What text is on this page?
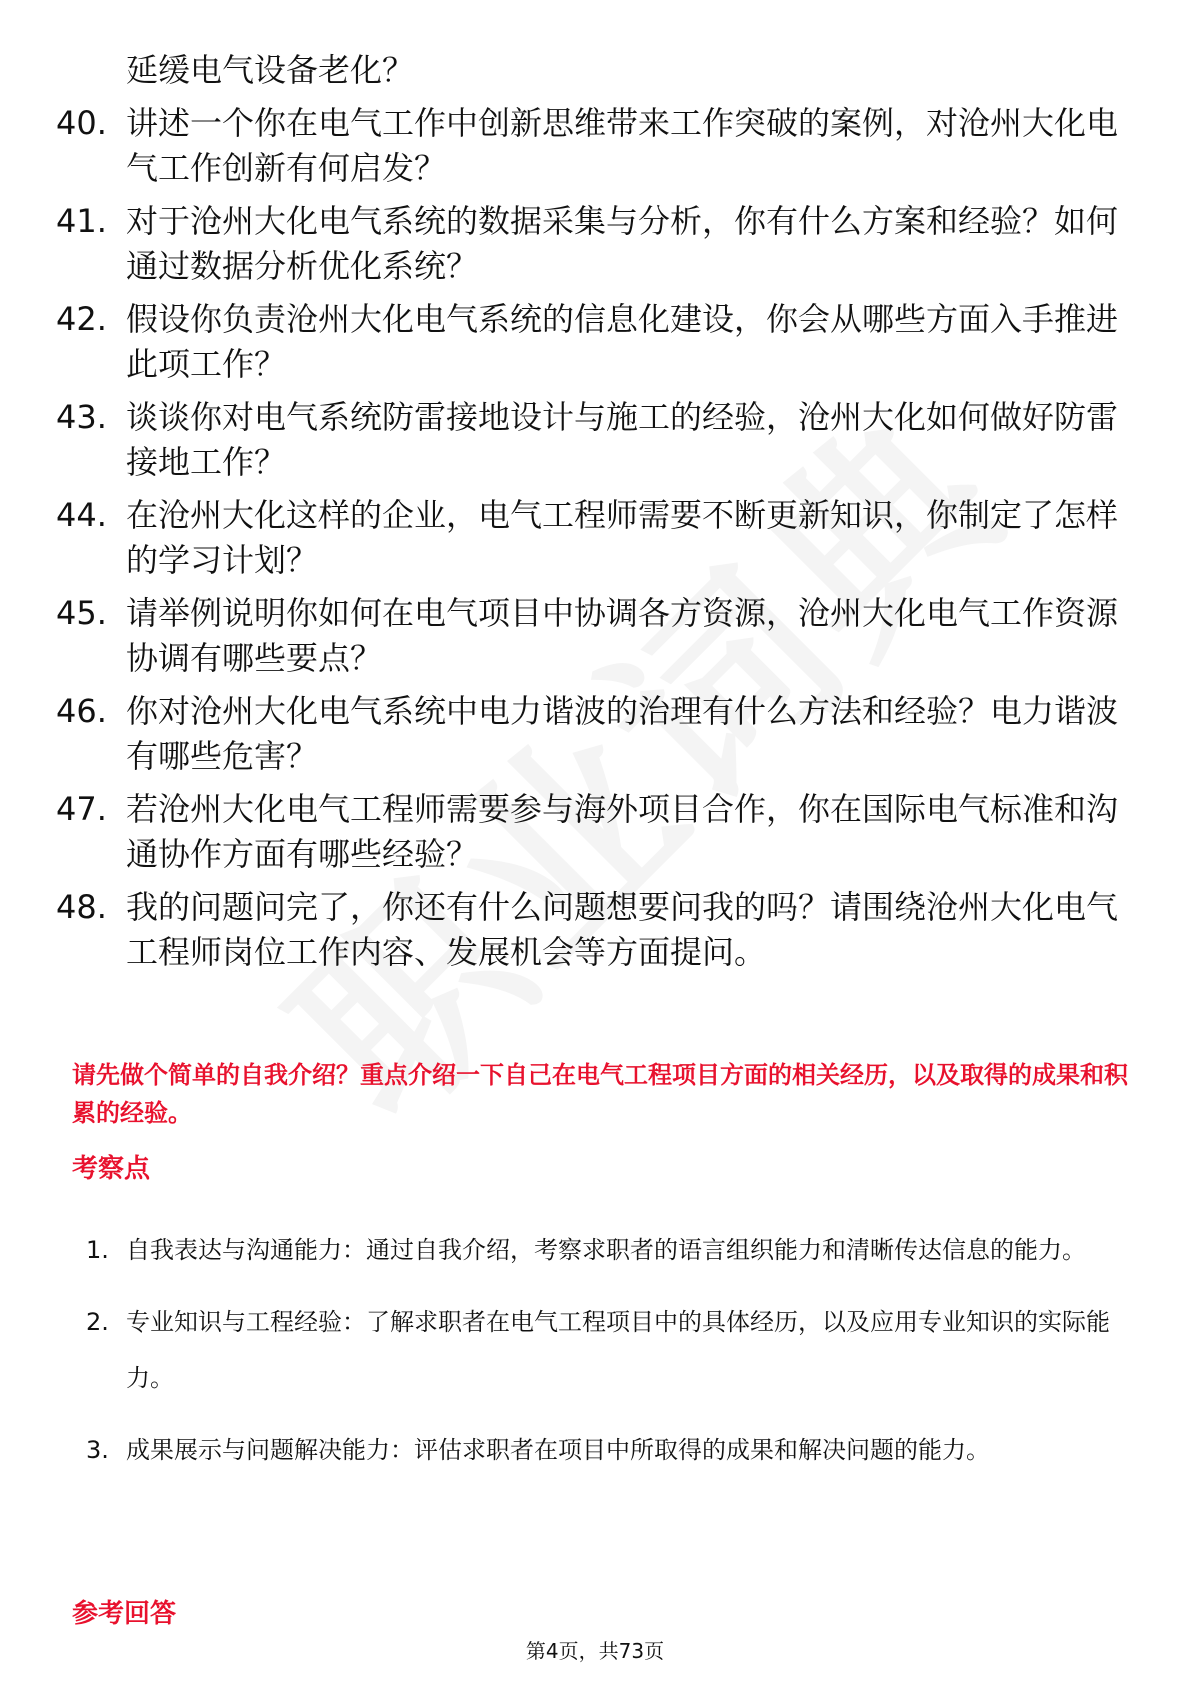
延缓电气设备老化？
40. 讲述一个你在电气工作中创新思维带来工作突破的案例，对沧州大化电气工作创新有何启发？
41. 对于沧州大化电气系统的数据采集与分析，你有什么方案和经验？如何通过数据分析优化系统？
42. 假设你负责沧州大化电气系统的信息化建设，你会从哪些方面入手推进此项工作？
43. 谈谈你对电气系统防雷接地设计与施工的经验，沧州大化如何做好防雷接地工作？
44. 在沧州大化这样的企业，电气工程师需要不断更新知识，你制定了怎样的学习计划？
45. 请举例说明你如何在电气项目中协调各方资源，沧州大化电气工作资源协调有哪些要点？
46. 你对沧州大化电气系统中电力谐波的治理有什么方法和经验？电力谐波有哪些危害？
47. 若沧州大化电气工程师需要参与海外项目合作，你在国际电气标准和沟通协作方面有哪些经验？
48. 我的问题问完了，你还有什么问题想要问我的吗？请围绕沧州大化电气工程师岗位工作内容、发展机会等方面提问。
请先做个简单的自我介绍？重点介绍一下自己在电气工程项目方面的相关经历，以及取得的成果和积累的经验。
考察点
1. 自我表达与沟通能力：通过自我介绍，考察求职者的语言组织能力和清晰传达信息的能力。
2. 专业知识与工程经验：了解求职者在电气工程项目中的具体经历，以及应用专业知识的实际能力。
3. 成果展示与问题解决能力：评估求职者在项目中所取得的成果和解决问题的能力。
参考回答
第4页，共73页
